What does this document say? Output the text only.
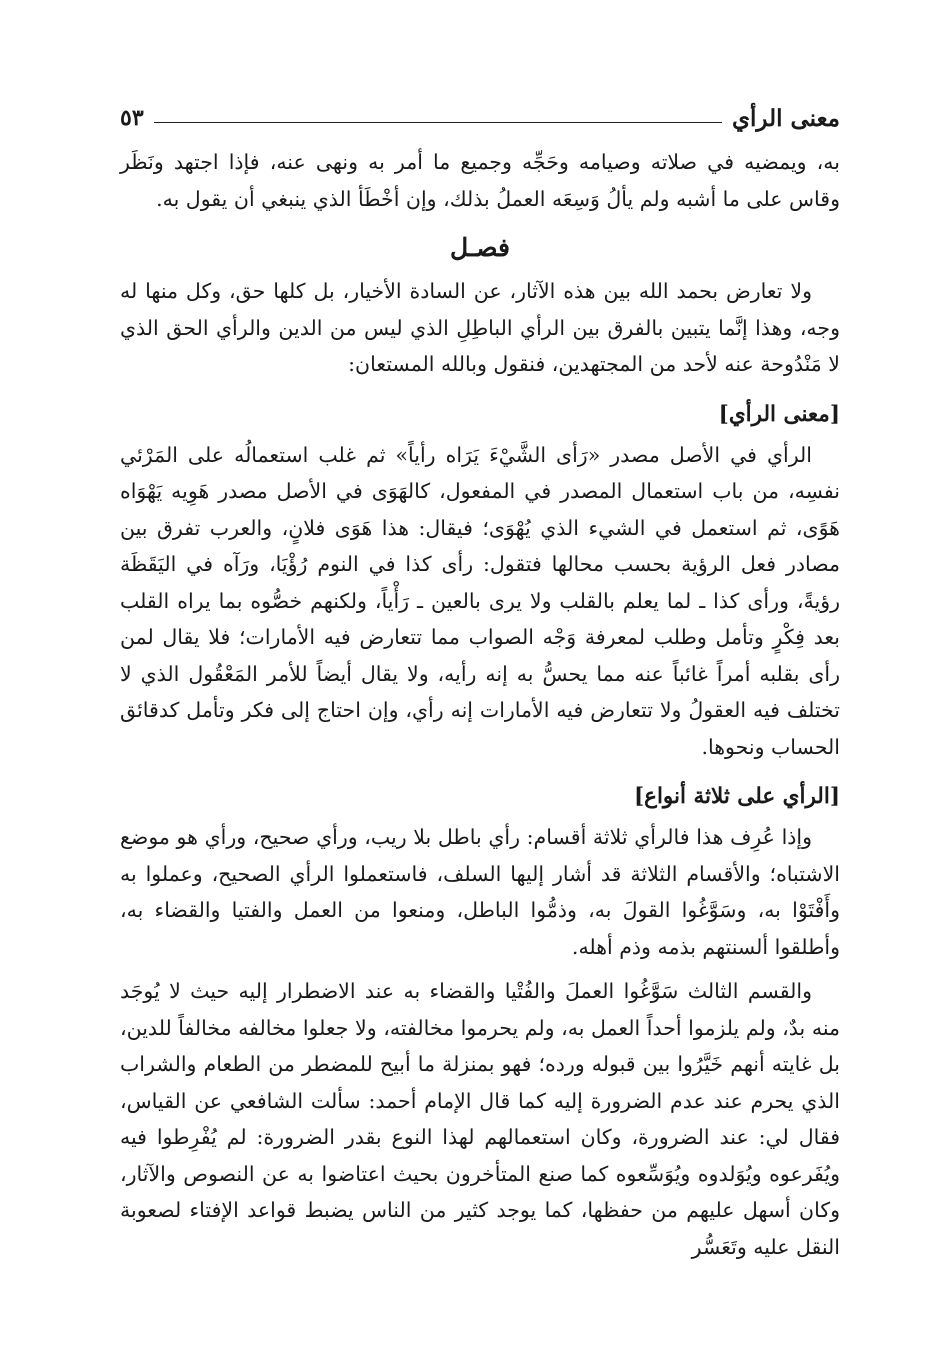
معنى الرأي
٥٣

به، ويمضيه في صلاته وصيامه وحَجِّه وجميع ما أمر به ونهى عنه، فإذا اجتهد ونَظَر وقاس على ما أشبه ولم يألُ وَسِعَه العملُ بذلك، وإن أخْطَأ الذي ينبغي أن يقول به.

فصـل

ولا تعارض بحمد الله بين هذه الآثار، عن السادة الأخيار، بل كلها حق، وكل منها له وجه، وهذا إنَّما يتبين بالفرق بين الرأي الباطِلِ الذي ليس من الدين والرأي الحق الذي لا مَنْدُوحة عنه لأحد من المجتهدين، فنقول وبالله المستعان:

[معنى الرأي]

الرأي في الأصل مصدر «رَأى الشَّيْءَ يَرَاه رأياً» ثم غلب استعمالُه على المَرْئي نفسِه، من باب استعمال المصدر في المفعول، كالهَوَى في الأصل مصدر هَوِيه يَهْوَاه هَوًى، ثم استعمل في الشيء الذي يُهْوَى؛ فيقال: هذا هَوَى فلانٍ، والعرب تفرق بين مصادر فعل الرؤية بحسب محالها فتقول: رأى كذا في النوم رُؤْيَا، ورَآه في اليَقَظَة رؤيةً، ورأى كذا ـ لما يعلم بالقلب ولا يرى بالعين ـ رَأْياً، ولكنهم خصُّوه بما يراه القلب بعد فِكْرٍ وتأمل وطلب لمعرفة وَجْه الصواب مما تتعارض فيه الأمارات؛ فلا يقال لمن رأى بقلبه أمراً غائباً عنه مما يحسُّ به إنه رأيه، ولا يقال أيضاً للأمر المَعْقُول الذي لا تختلف فيه العقولُ ولا تتعارض فيه الأمارات إنه رأي، وإن احتاج إلى فكر وتأمل كدقائق الحساب ونحوها.

[الرأي على ثلاثة أنواع]

وإذا عُرِف هذا فالرأي ثلاثة أقسام: رأي باطل بلا ريب، ورأي صحيح، ورأي هو موضع الاشتباه؛ والأقسام الثلاثة قد أشار إليها السلف، فاستعملوا الرأي الصحيح، وعملوا به وأَفْتَوْا به، وسَوَّغُوا القولَ به، وذمُّوا الباطل، ومنعوا من العمل والفتيا والقضاء به، وأطلقوا ألسنتهم بذمه وذم أهله.

والقسم الثالث سَوَّغُوا العملَ والفُتْيا والقضاء به عند الاضطرار إليه حيث لا يُوجَد منه بدٌ، ولم يلزموا أحداً العمل به، ولم يحرموا مخالفته، ولا جعلوا مخالفه مخالفاً للدين، بل غايته أنهم خَيَّرُوا بين قبوله ورده؛ فهو بمنزلة ما أبيح للمضطر من الطعام والشراب الذي يحرم عند عدم الضرورة إليه كما قال الإمام أحمد: سألت الشافعي عن القياس، فقال لي: عند الضرورة، وكان استعمالهم لهذا النوع بقدر الضرورة: لم يُفْرِطوا فيه ويُفَرعوه ويُوَلدوه ويُوَسِّعوه كما صنع المتأخرون بحيث اعتاضوا به عن النصوص والآثار، وكان أسهل عليهم من حفظها، كما يوجد كثير من الناس يضبط قواعد الإفتاء لصعوبة النقل عليه وتَعَسُّر
